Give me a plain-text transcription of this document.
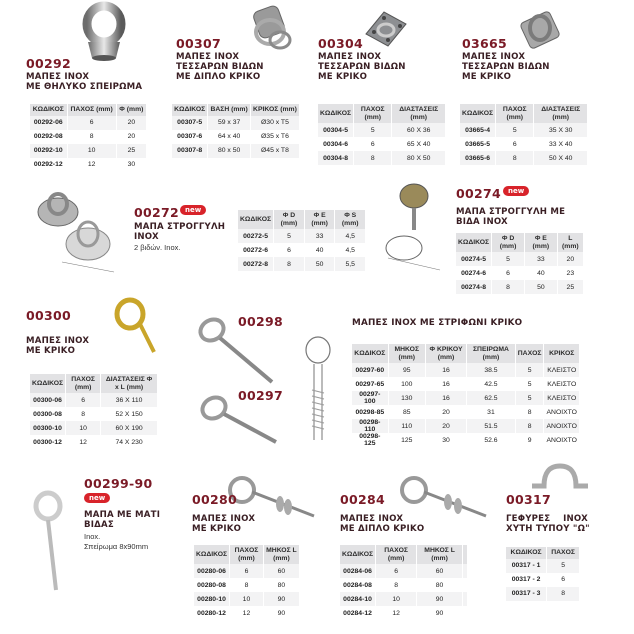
00292
ΜΑΠΕΣ INOX
ΜΕ ΘΗΛΥΚΟ ΣΠΕΙΡΩΜΑ
ΚΩΔΙΚΟΣ	ΠΑΧΟΣ (mm)	Φ (mm)
00292-06	6	20
00292-08	8	20
00292-10	10	25
00292-12	12	30
00307
ΜΑΠΕΣ INOX
ΤΕΣΣΑΡΩΝ ΒΙΔΩΝ
ΜΕ ΔΙΠΛΟ ΚΡΙΚΟ
ΚΩΔΙΚΟΣ	ΒΑΣΗ (mm)	ΚΡΙΚΟΣ (mm)
00307-5	59 x 37	Ø30 x T5
00307-6	64 x 40	Ø35 x T6
00307-8	80 x 50	Ø45 x T8
00304
ΜΑΠΕΣ INOX
ΤΕΣΣΑΡΩΝ ΒΙΔΩΝ
ΜΕ ΚΡΙΚΟ
ΚΩΔΙΚΟΣ	ΠΑΧΟΣ (mm)	ΔΙΑΣΤΑΣΕΙΣ (mm)
00304-5	5	60 X 36
00304-6	6	65 X 40
00304-8	8	80 X 50
03665
ΜΑΠΕΣ INOX
ΤΕΣΣΑΡΩΝ ΒΙΔΩΝ
ΜΕ ΚΡΙΚΟ
ΚΩΔΙΚΟΣ	ΠΑΧΟΣ (mm)	ΔΙΑΣΤΑΣΕΙΣ (mm)
03665-4	5	35 X 30
03665-5	6	33 X 40
03665-6	8	50 X 40
00272 new
ΜΑΠΑ ΣΤΡΟΓΓΥΛΗ
INOX
2 βιδών. Inox.
ΚΩΔΙΚΟΣ	Φ D (mm)	Φ E (mm)	Φ S (mm)
00272-5	5	33	4,5
00272-6	6	40	4,5
00272-8	8	50	5,5
00274	new
ΜΑΠΑ ΣΤΡΟΓΓΥΛΗ ΜΕ
ΒΙΔΑ INOX
ΚΩΔΙΚΟΣ	Φ D (mm)	Φ E (mm)	L (mm)
00274-5	5	33	20
00274-6	6	40	23
00274-8	8	50	25
00300
ΜΑΠΕΣ INOX
ΜΕ ΚΡΙΚΟ
ΚΩΔΙΚΟΣ	ΠΑΧΟΣ (mm)	ΔΙΑΣΤΑΣΕΙΣ Φ x L (mm)
00300-06	6	36 X 110
00300-08	8	52 X 150
00300-10	10	60 X 190
00300-12	12	74 X 230
00298
00297
ΜΑΠΕΣ INOX ΜΕ ΣΤΡΙΦΩΝΙ ΚΡΙΚΟ
ΚΩΔΙΚΟΣ	ΜΗΚΟΣ (mm)	Φ ΚΡΙΚΟΥ (mm)	ΣΠΕΙΡΩΜΑ (mm)	ΠΑΧΟΣ	ΚΡΙΚΟΣ
00297-60	95	16	38.5	5	ΚΛΕΙΣΤΟ
00297-65	100	16	42.5	5	ΚΛΕΙΣΤΟ
00297-100	130	16	62.5	5	ΚΛΕΙΣΤΟ
00298-85	85	20	31	8	ΑΝΟΙΧΤΟ
00298-110	110	20	51.5	8	ΑΝΟΙΧΤΟ
00298-125	125	30	52.6	9	ΑΝΟΙΧΤΟ
00299-90
new
ΜΑΠΑ ΜΕ ΜΑΤΙ
ΒΙΔΑΣ
Inox.
Σπείρωμα 8x90mm
00280
ΜΑΠΕΣ INOX
ΜΕ ΚΡΙΚΟ
ΚΩΔΙΚΟΣ	ΠΑΧΟΣ (mm)	ΜΗΚΟΣ L (mm)
00280-06	6	60
00280-08	8	80
00280-10	10	90
00280-12	12	90
00284
ΜΑΠΕΣ INOX
ΜΕ ΔΙΠΛΟ ΚΡΙΚΟ
ΚΩΔΙΚΟΣ	ΠΑΧΟΣ (mm)	ΜΗΚΟΣ L (mm)	
00284-06	6	60	
00284-08	8	80	
00284-10	10	90	
00284-12	12	90	
00317
ΓΕΦΥΡΕΣ    INOX
ΧΥΤΗ ΤΥΠΟΥ "Ω"
ΚΩΔΙΚΟΣ	ΠΑΧΟΣ
00317 - 1	5
00317 - 2	6
00317 - 3	8
